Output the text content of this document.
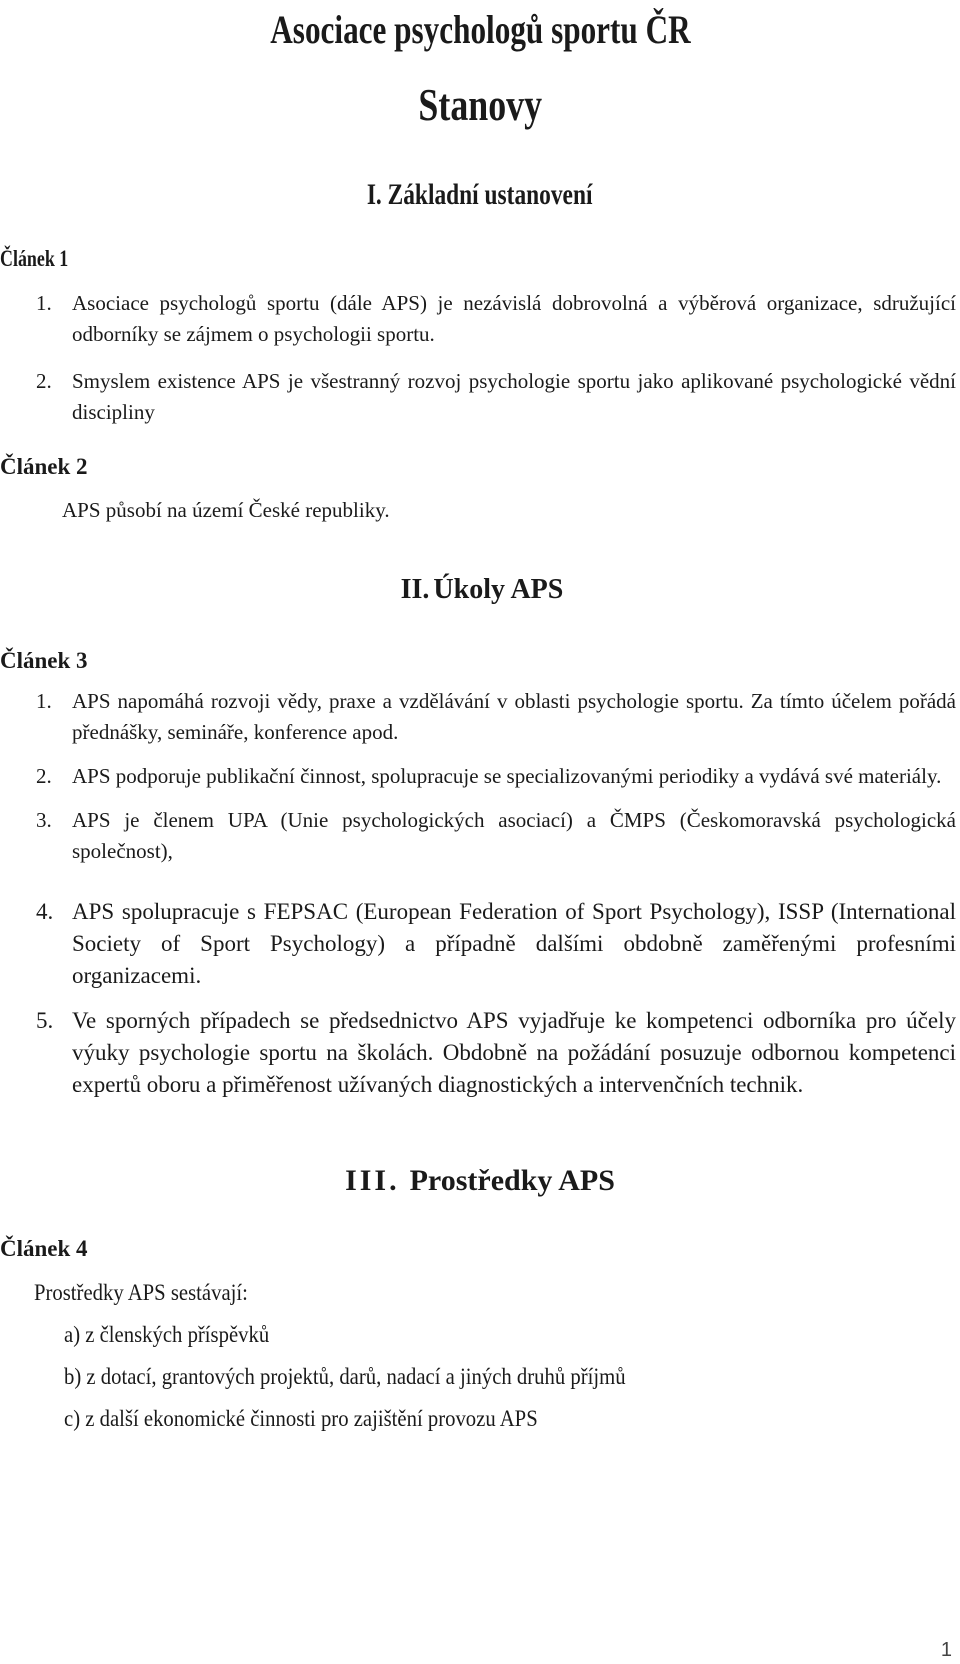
Asociace psychologů sportu ČR
Stanovy
I. Základní ustanovení
Článek 1
1. Asociace psychologů sportu (dále APS) je nezávislá dobrovolná a výběrová organizace, sdružující odborníky se zájmem o psychologii sportu.
2. Smyslem existence APS je všestranný rozvoj psychologie sportu jako aplikované psychologické vědní discipliny
Článek 2
APS působí na území České republiky.
II. Úkoly APS
Článek 3
1. APS napomáhá rozvoji vědy, praxe a vzdělávání v oblasti psychologie sportu. Za tímto účelem pořádá přednášky, semináře, konference apod.
2. APS podporuje publikační činnost, spolupracuje se specializovanými periodiky a vydává své materiály.
3. APS je členem UPA (Unie psychologických asociací) a ČMPS (Českomoravská psychologická společnost),
4. APS spolupracuje s FEPSAC (European Federation of Sport Psychology), ISSP (International Society of Sport Psychology) a případně dalšími obdobně zaměřenými profesními organizacemi.
5. Ve sporných případech se předsednictvo APS vyjadřuje ke kompetenci odborníka pro účely výuky psychologie sportu na školách. Obdobně na požádání posuzuje odbornou kompetenci expertů oboru a přiměřenost užívaných diagnostických a intervenčních technik.
III. Prostředky APS
Článek 4
Prostředky APS sestávají:
a) z členských příspěvků
b) z dotací, grantových projektů, darů, nadací a jiných druhů příjmů
c) z další ekonomické činnosti pro zajištění provozu APS
1
